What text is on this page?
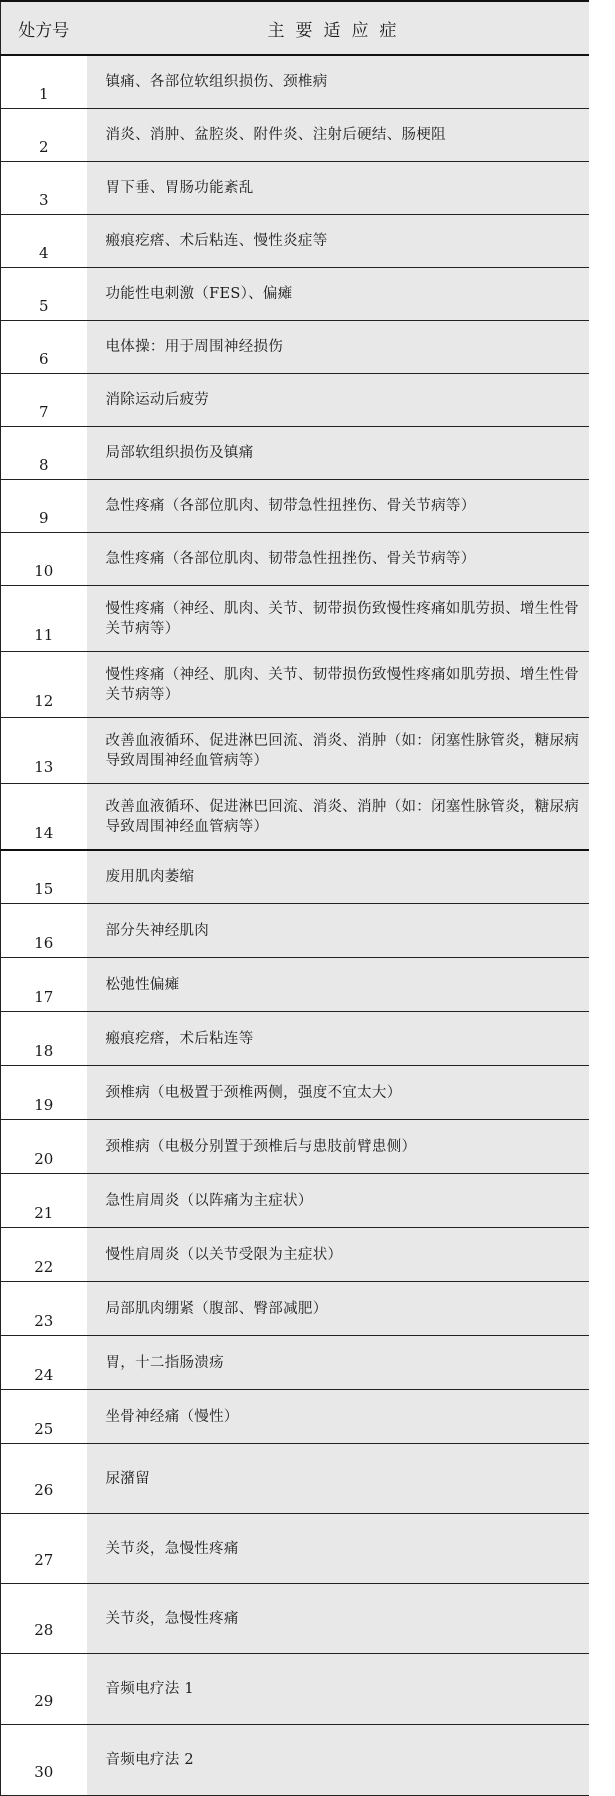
处方号	主要适应症
1	镇痛、各部位软组织损伤、颈椎病
2	消炎、消肿、盆腔炎、附件炎、注射后硬结、肠梗阻
3	胃下垂、胃肠功能紊乱
4	瘢痕疙瘩、术后粘连、慢性炎症等
5	功能性电刺激（FES）、偏瘫
6	电体操：用于周围神经损伤
7	消除运动后疲劳
8	局部软组织损伤及镇痛
9	急性疼痛（各部位肌肉、韧带急性扭挫伤、骨关节病等）
10	急性疼痛（各部位肌肉、韧带急性扭挫伤、骨关节病等）
11	慢性疼痛（神经、肌肉、关节、韧带损伤致慢性疼痛如肌劳损、增生性骨关节病等）
12	慢性疼痛（神经、肌肉、关节、韧带损伤致慢性疼痛如肌劳损、增生性骨关节病等）
13	改善血液循环、促进淋巴回流、消炎、消肿（如：闭塞性脉管炎，糖尿病导致周围神经血管病等）
14	改善血液循环、促进淋巴回流、消炎、消肿（如：闭塞性脉管炎，糖尿病导致周围神经血管病等）
15	废用肌肉萎缩
16	部分失神经肌肉
17	松弛性偏瘫
18	瘢痕疙瘩，术后粘连等
19	颈椎病（电极置于颈椎两侧，强度不宜太大）
20	颈椎病（电极分别置于颈椎后与患肢前臂患侧）
21	急性肩周炎（以阵痛为主症状）
22	慢性肩周炎（以关节受限为主症状）
23	局部肌肉绷紧（腹部、臀部减肥）
24	胃，十二指肠溃疡
25	坐骨神经痛（慢性）
26	尿潴留
27	关节炎，急慢性疼痛
28	关节炎，急慢性疼痛
29	音频电疗法 1
30	音频电疗法 2
